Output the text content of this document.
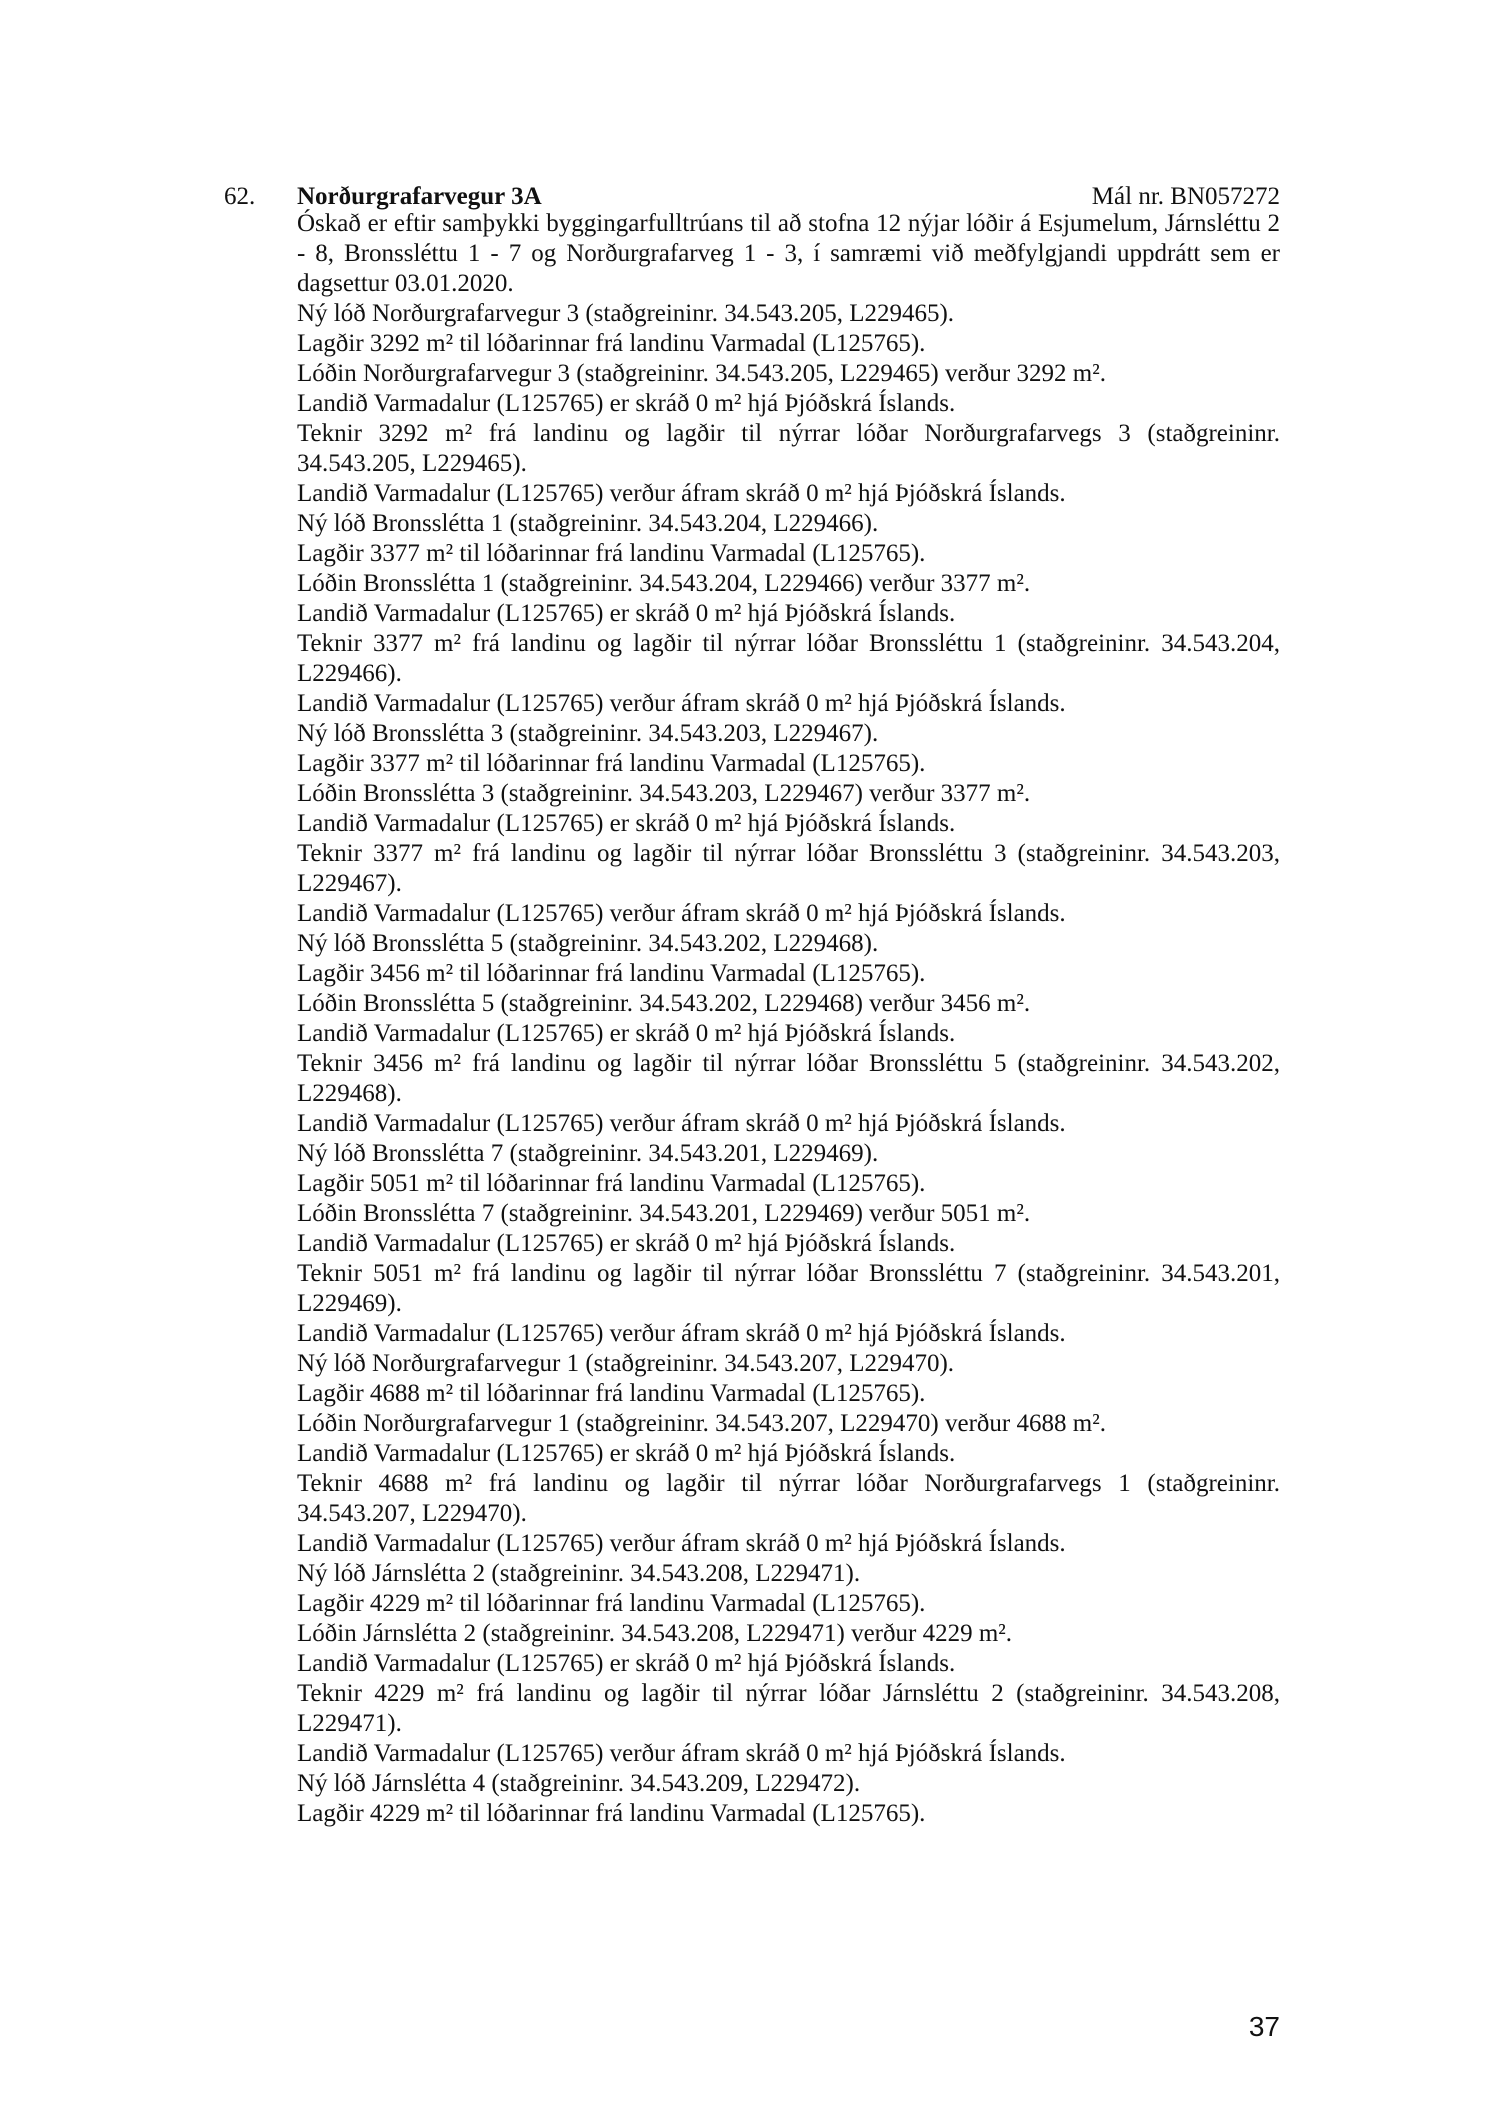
62. Norðurgrafarvegur 3A	Mál nr. BN057272

Óskað er eftir samþykki byggingarfulltrúans til að stofna 12 nýjar lóðir á Esjumelum, Járnsléttu 2 - 8, Bronssléttu 1 - 7 og Norðurgrafarveg 1 - 3, í samræmi við meðfylgjandi uppdrátt sem er dagsettur 03.01.2020.

Ný lóð Norðurgrafarvegur 3 (staðgreininr. 34.543.205, L229465).

Lagðir 3292 m² til lóðarinnar frá landinu Varmadal (L125765).

Lóðin Norðurgrafarvegur 3 (staðgreininr. 34.543.205, L229465) verður 3292 m².

Landið Varmadalur (L125765) er skráð 0 m² hjá Þjóðskrá Íslands.

Teknir 3292 m² frá landinu og lagðir til nýrrar lóðar Norðurgrafarvegs 3 (staðgreininr. 34.543.205, L229465).

Landið Varmadalur (L125765) verður áfram skráð 0 m² hjá Þjóðskrá Íslands.

Ný lóð Bronsslétta 1 (staðgreininr. 34.543.204, L229466).

Lagðir 3377 m² til lóðarinnar frá landinu Varmadal (L125765).

Lóðin Bronsslétta 1 (staðgreininr. 34.543.204, L229466) verður 3377 m².

Landið Varmadalur (L125765) er skráð 0 m² hjá Þjóðskrá Íslands.

Teknir 3377 m² frá landinu og lagðir til nýrrar lóðar Bronssléttu 1 (staðgreininr. 34.543.204, L229466).

Landið Varmadalur (L125765) verður áfram skráð 0 m² hjá Þjóðskrá Íslands.

Ný lóð Bronsslétta 3 (staðgreininr. 34.543.203, L229467).

Lagðir 3377 m² til lóðarinnar frá landinu Varmadal (L125765).

Lóðin Bronsslétta 3 (staðgreininr. 34.543.203, L229467) verður 3377 m².

Landið Varmadalur (L125765) er skráð 0 m² hjá Þjóðskrá Íslands.

Teknir 3377 m² frá landinu og lagðir til nýrrar lóðar Bronssléttu 3 (staðgreininr. 34.543.203, L229467).

Landið Varmadalur (L125765) verður áfram skráð 0 m² hjá Þjóðskrá Íslands.

Ný lóð Bronsslétta 5 (staðgreininr. 34.543.202, L229468).

Lagðir 3456 m² til lóðarinnar frá landinu Varmadal (L125765).

Lóðin Bronsslétta 5 (staðgreininr. 34.543.202, L229468) verður 3456 m².

Landið Varmadalur (L125765) er skráð 0 m² hjá Þjóðskrá Íslands.

Teknir 3456 m² frá landinu og lagðir til nýrrar lóðar Bronssléttu 5 (staðgreininr. 34.543.202, L229468).

Landið Varmadalur (L125765) verður áfram skráð 0 m² hjá Þjóðskrá Íslands.

Ný lóð Bronsslétta 7 (staðgreininr. 34.543.201, L229469).

Lagðir 5051 m² til lóðarinnar frá landinu Varmadal (L125765).

Lóðin Bronsslétta 7 (staðgreininr. 34.543.201, L229469) verður 5051 m².

Landið Varmadalur (L125765) er skráð 0 m² hjá Þjóðskrá Íslands.

Teknir 5051 m² frá landinu og lagðir til nýrrar lóðar Bronssléttu 7 (staðgreininr. 34.543.201, L229469).

Landið Varmadalur (L125765) verður áfram skráð 0 m² hjá Þjóðskrá Íslands.

Ný lóð Norðurgrafarvegur 1 (staðgreininr. 34.543.207, L229470).

Lagðir 4688 m² til lóðarinnar frá landinu Varmadal (L125765).

Lóðin Norðurgrafarvegur 1 (staðgreininr. 34.543.207, L229470) verður 4688 m².

Landið Varmadalur (L125765) er skráð 0 m² hjá Þjóðskrá Íslands.

Teknir 4688 m² frá landinu og lagðir til nýrrar lóðar Norðurgrafarvegs 1 (staðgreininr. 34.543.207, L229470).

Landið Varmadalur (L125765) verður áfram skráð 0 m² hjá Þjóðskrá Íslands.

Ný lóð Járnslétta 2 (staðgreininr. 34.543.208, L229471).

Lagðir 4229 m² til lóðarinnar frá landinu Varmadal (L125765).

Lóðin Járnslétta 2 (staðgreininr. 34.543.208, L229471) verður 4229 m².

Landið Varmadalur (L125765) er skráð 0 m² hjá Þjóðskrá Íslands.

Teknir 4229 m² frá landinu og lagðir til nýrrar lóðar Járnsléttu 2 (staðgreininr. 34.543.208, L229471).

Landið Varmadalur (L125765) verður áfram skráð 0 m² hjá Þjóðskrá Íslands.

Ný lóð Járnslétta 4 (staðgreininr. 34.543.209, L229472).

Lagðir 4229 m² til lóðarinnar frá landinu Varmadal (L125765).

37
